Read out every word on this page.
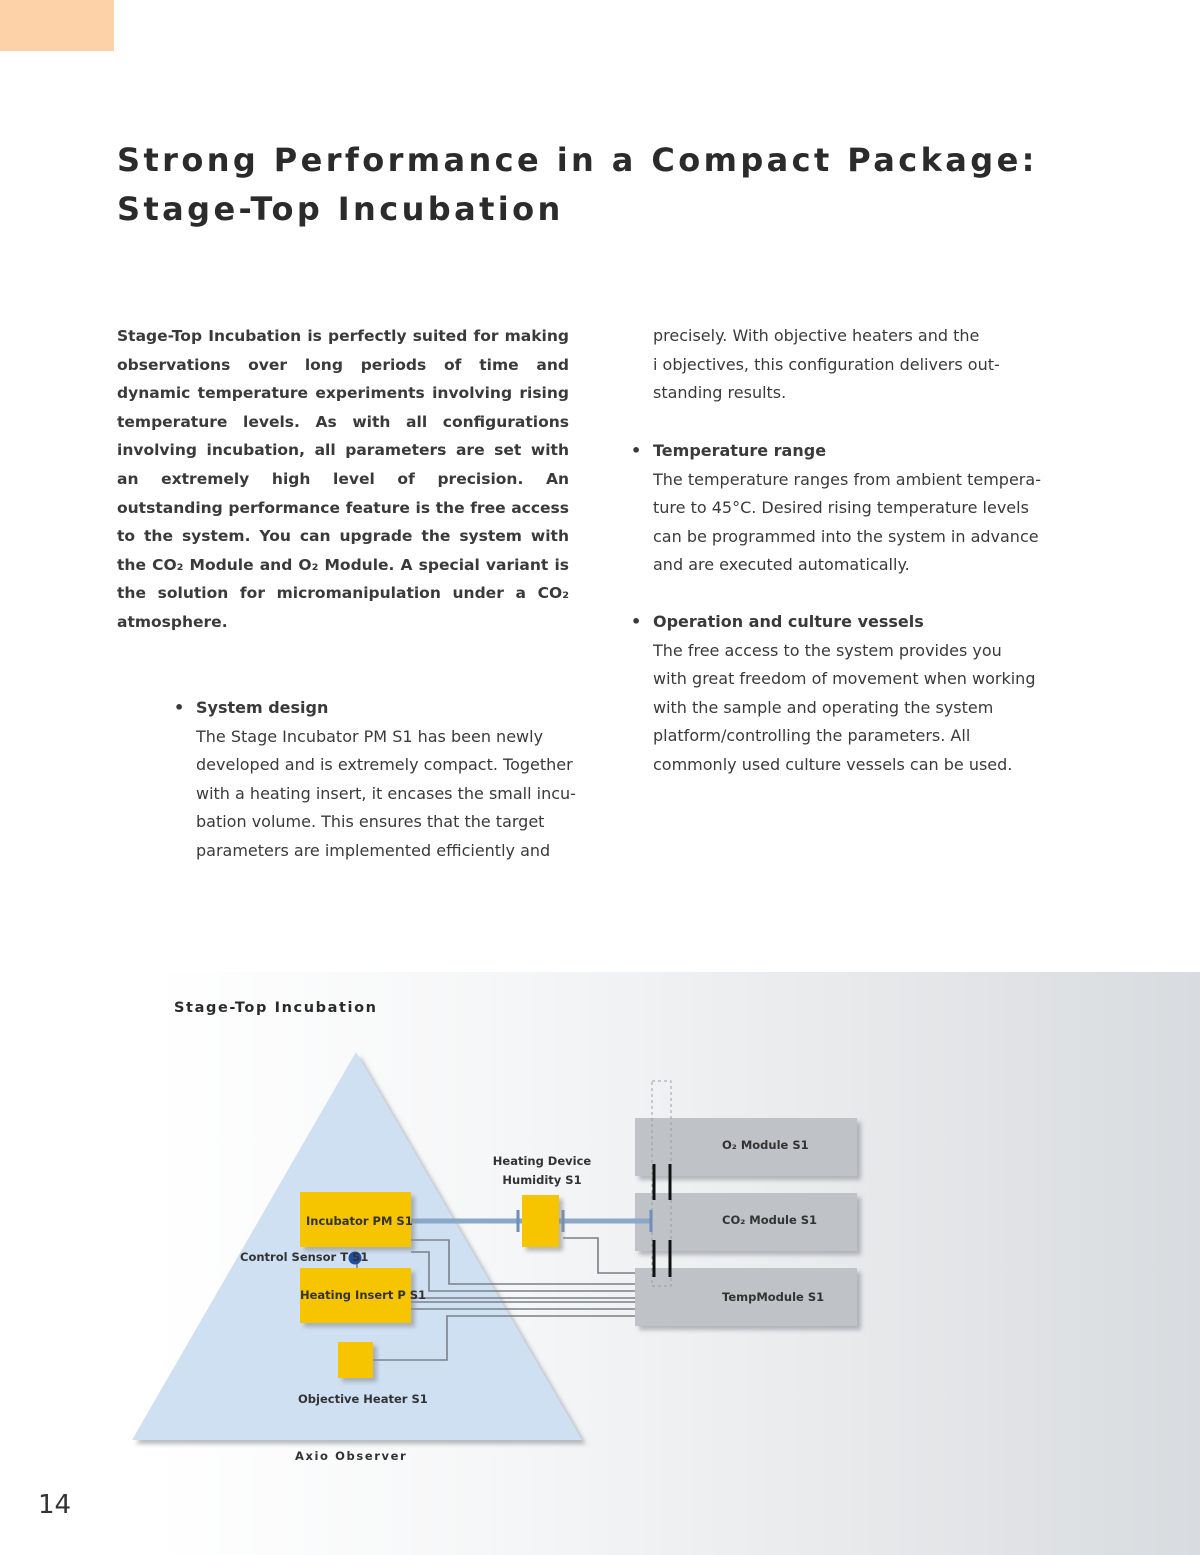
Strong Performance in a Compact Package:
Stage-Top Incubation
Stage-Top Incubation is perfectly suited for making observations over long periods of time and dynamic temperature experiments involving rising temperature levels. As with all configurations involving incubation, all parameters are set with an extremely high level of precision. An outstanding performance feature is the free access to the system. You can upgrade the system with the CO₂ Module and O₂ Module. A special variant is the solution for micromanipulation under a CO₂ atmosphere.
• System design
The Stage Incubator PM S1 has been newly
developed and is extremely compact. Together
with a heating insert, it encases the small incu-
bation volume. This ensures that the target
parameters are implemented efficiently and
precisely. With objective heaters and the
i objectives, this configuration delivers out-
standing results.
• Temperature range
The temperature ranges from ambient tempera-
ture to 45°C. Desired rising temperature levels
can be programmed into the system in advance
and are executed automatically.
• Operation and culture vessels
The free access to the system provides you
with great freedom of movement when working
with the sample and operating the system
platform/controlling the parameters. All
commonly used culture vessels can be used.
Stage-Top Incubation
Incubator PM S1
Control Sensor T S1
Heating Insert P S1
Objective Heater S1
Heating Device
Humidity S1
O₂ Module S1
CO₂ Module S1
TempModule S1
Axio Observer
14
